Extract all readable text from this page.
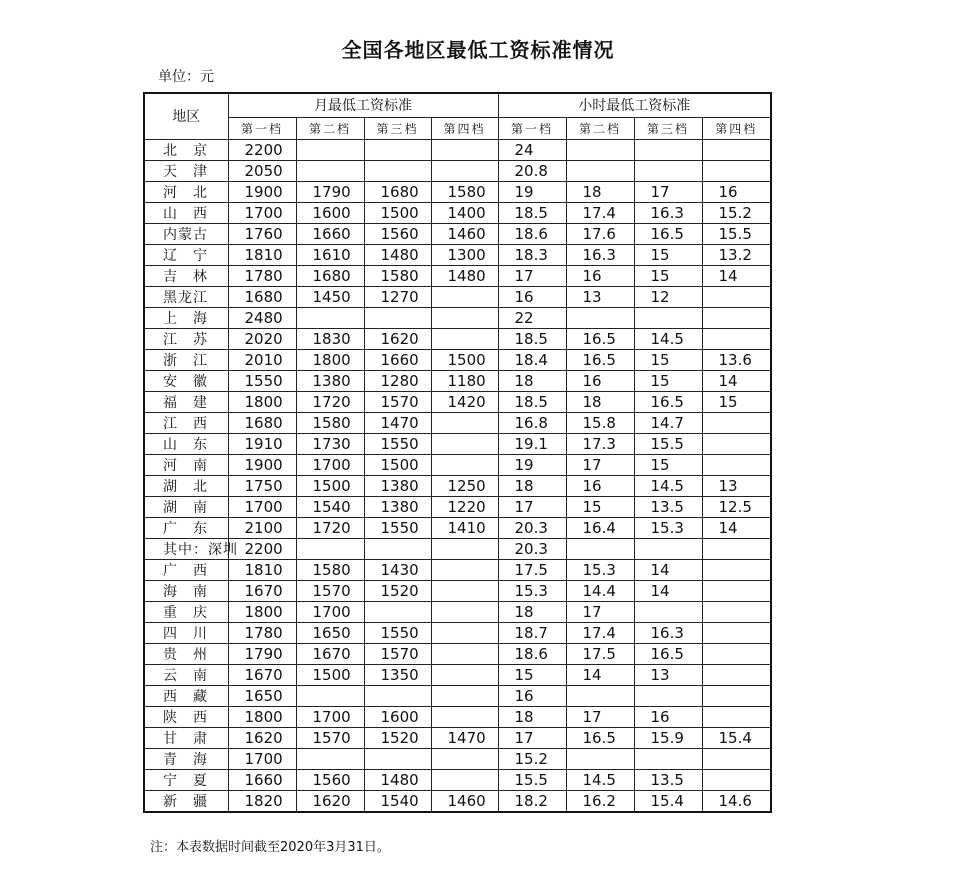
全国各地区最低工资标准情况
单位：元
地区	月最低工资标准				小时最低工资标准			
	第一档	第二档	第三档	第四档	第一档	第二档	第三档	第四档
北　京	2200				24			
天　津	2050				20.8			
河　北	1900	1790	1680	1580	19	18	17	16
山　西	1700	1600	1500	1400	18.5	17.4	16.3	15.2
内蒙古	1760	1660	1560	1460	18.6	17.6	16.5	15.5
辽　宁	1810	1610	1480	1300	18.3	16.3	15	13.2
吉　林	1780	1680	1580	1480	17	16	15	14
黑龙江	1680	1450	1270		16	13	12	
上　海	2480				22			
江　苏	2020	1830	1620		18.5	16.5	14.5	
浙　江	2010	1800	1660	1500	18.4	16.5	15	13.6
安　徽	1550	1380	1280	1180	18	16	15	14
福　建	1800	1720	1570	1420	18.5	18	16.5	15
江　西	1680	1580	1470		16.8	15.8	14.7	
山　东	1910	1730	1550		19.1	17.3	15.5	
河　南	1900	1700	1500		19	17	15	
湖　北	1750	1500	1380	1250	18	16	14.5	13
湖　南	1700	1540	1380	1220	17	15	13.5	12.5
广　东	2100	1720	1550	1410	20.3	16.4	15.3	14
其中：深圳	2200				20.3			
广　西	1810	1580	1430		17.5	15.3	14	
海　南	1670	1570	1520		15.3	14.4	14	
重　庆	1800	1700			18	17		
四　川	1780	1650	1550		18.7	17.4	16.3	
贵　州	1790	1670	1570		18.6	17.5	16.5	
云　南	1670	1500	1350		15	14	13	
西　藏	1650				16			
陕　西	1800	1700	1600		18	17	16	
甘　肃	1620	1570	1520	1470	17	16.5	15.9	15.4
青　海	1700				15.2			
宁　夏	1660	1560	1480		15.5	14.5	13.5	
新　疆	1820	1620	1540	1460	18.2	16.2	15.4	14.6
注：本表数据时间截至2020年3月31日。
